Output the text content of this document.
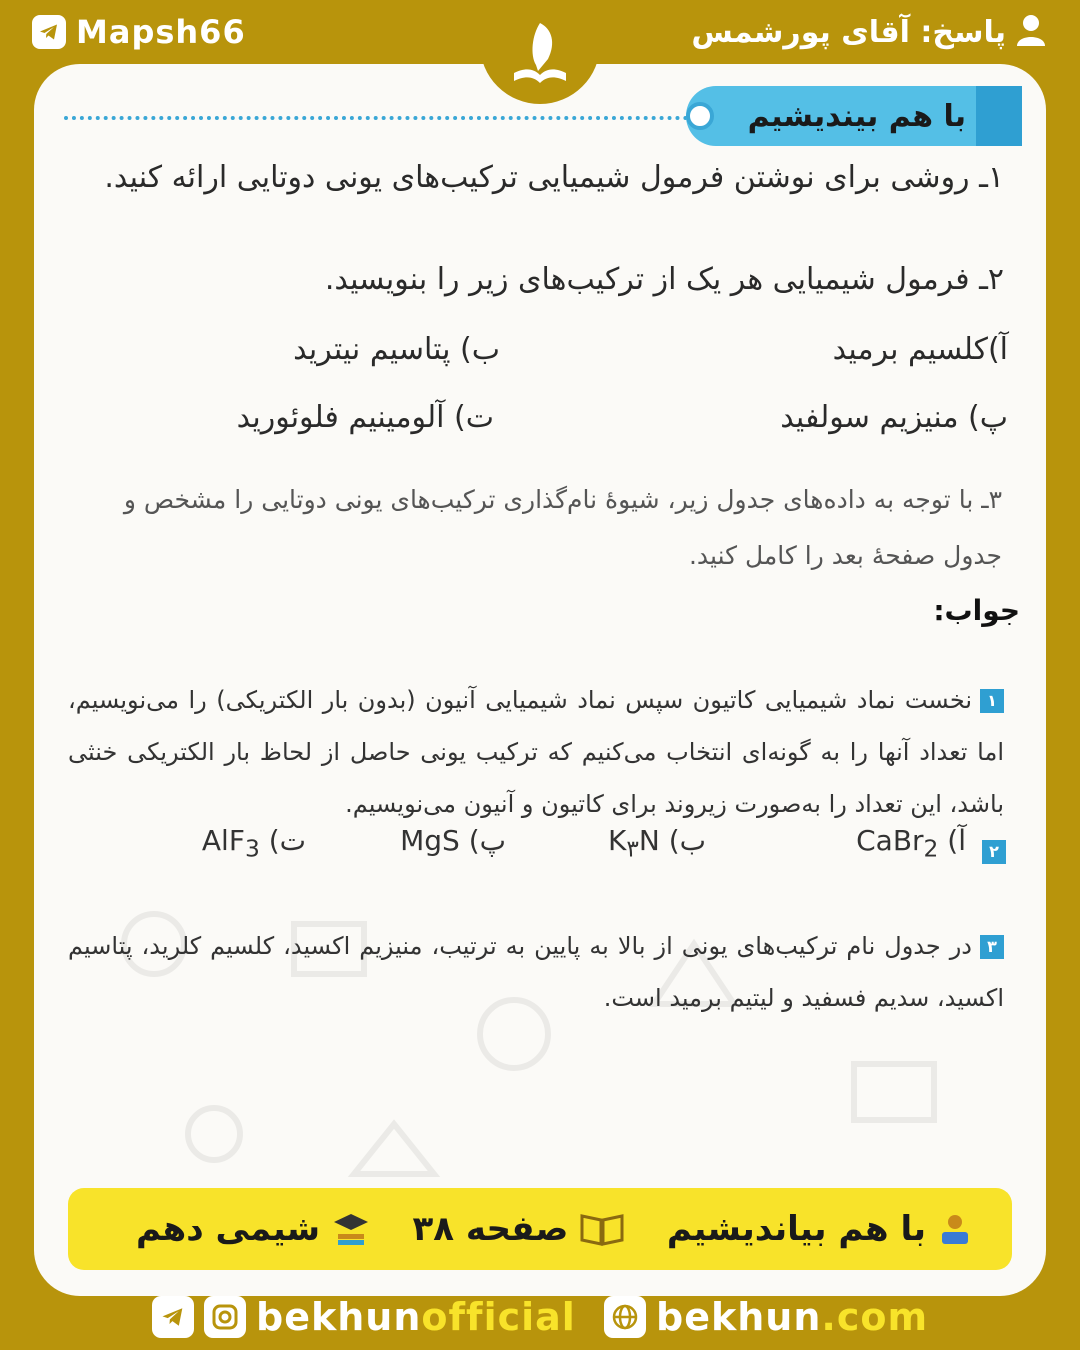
Mapsh66	پاسخ: آقای پورشمس
با هم بیندیشیم
۱ـ روشی برای نوشتن فرمول شیمیایی ترکیب‌های یونی دوتایی ارائه کنید.
۲ـ فرمول شیمیایی هر یک از ترکیب‌های زیر را بنویسید.
آ)کلسیم برمید
ب) پتاسیم نیترید
پ) منیزیم سولفید
ت) آلومینیم فلوئورید
۳ـ با توجه به داده‌های جدول زیر، شیوهٔ نام‌گذاری ترکیب‌های یونی دوتایی را مشخص و
جدول صفحهٔ بعد را کامل کنید.
جواب:
۱نخست نماد شیمیایی کاتیون سپس نماد شیمیایی آنیون (بدون بار الکتریکی) را می‌نویسیم، اما تعداد آنها را به گونه‌ای انتخاب می‌کنیم که ترکیب یونی حاصل از لحاظ بار الکتریکی خنثی باشد، این تعداد را به‌صورت زیروند برای کاتیون و آنیون می‌نویسیم.
۲
آ) CaBr$_2$
ب) $K_۳N$
پ) MgS
ت) AlF$_3$
۳در جدول نام ترکیب‌های یونی از بالا به پایین به ترتیب، منیزیم اکسید، کلسیم کلرید، پتاسیم اکسید، سدیم فسفید و لیتیم برمید است.
با هم بیاندیشیم
صفحه ۳۸
شیمی دهم
bekhunofficial bekhun.com
